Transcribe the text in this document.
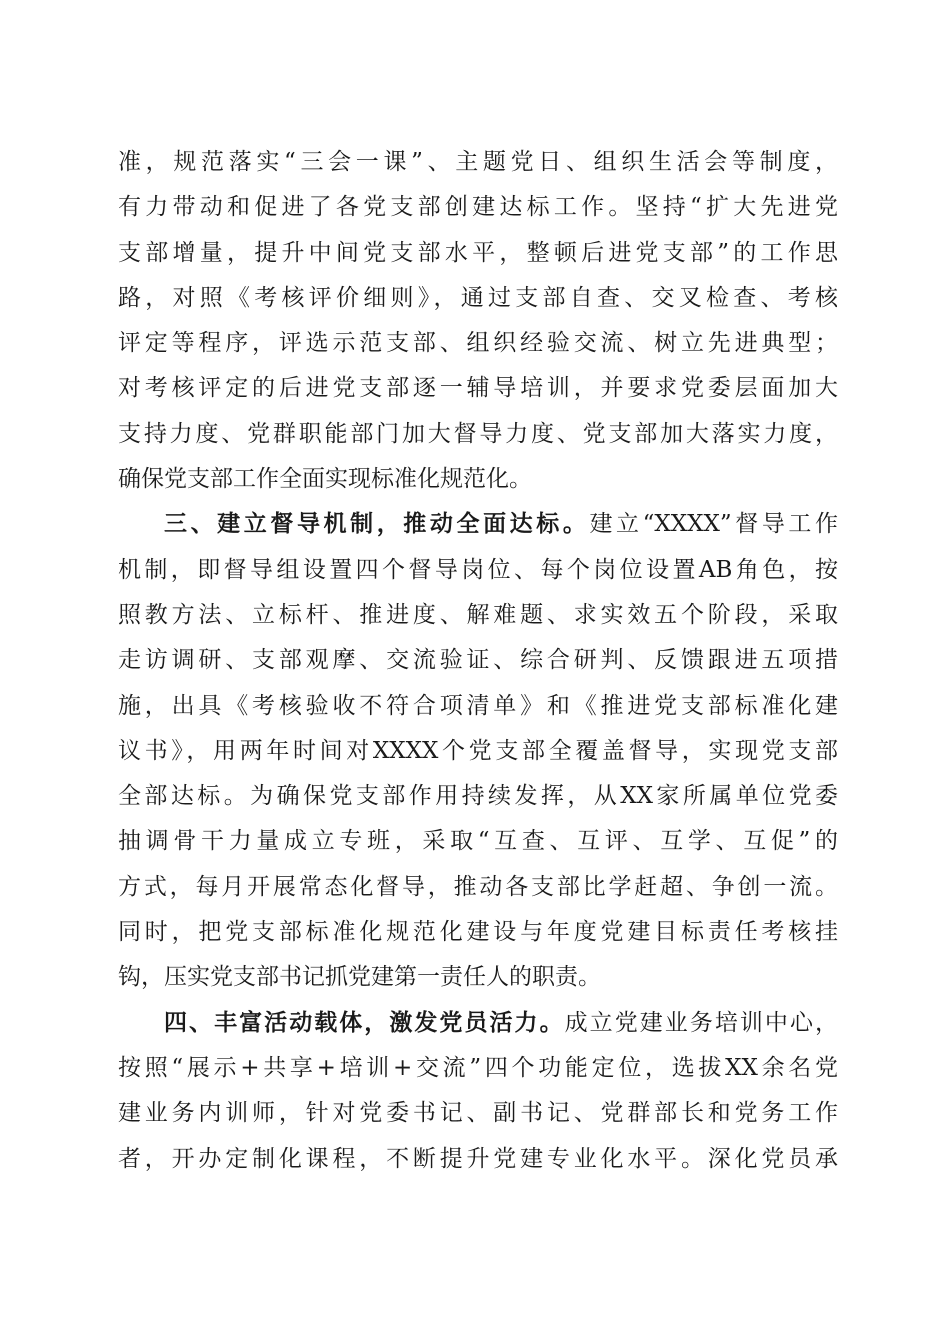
准，规范落实“三会一课”、主题党日、组织生活会等制度，
有力带动和促进了各党支部创建达标工作。坚持“扩大先进党
支部增量，提升中间党支部水平，整顿后进党支部”的工作思
路，对照《考核评价细则》，通过支部自查、交叉检查、考核
评定等程序，评选示范支部、组织经验交流、树立先进典型；
对考核评定的后进党支部逐一辅导培训，并要求党委层面加大
支持力度、党群职能部门加大督导力度、党支部加大落实力度，
确保党支部工作全面实现标准化规范化。
三、建立督导机制，推动全面达标。建立“XXXX”督导工作
机制，即督导组设置四个督导岗位、每个岗位设置AB角色，按
照教方法、立标杆、推进度、解难题、求实效五个阶段，采取
走访调研、支部观摩、交流验证、综合研判、反馈跟进五项措
施，出具《考核验收不符合项清单》和《推进党支部标准化建
议书》，用两年时间对XXXX个党支部全覆盖督导，实现党支部
全部达标。为确保党支部作用持续发挥，从XX家所属单位党委
抽调骨干力量成立专班，采取“互查、互评、互学、互促”的
方式，每月开展常态化督导，推动各支部比学赶超、争创一流。
同时，把党支部标准化规范化建设与年度党建目标责任考核挂
钩，压实党支部书记抓党建第一责任人的职责。
四、丰富活动载体，激发党员活力。成立党建业务培训中心，
按照“展示+共享+培训+交流”四个功能定位，选拔XX余名党
建业务内训师，针对党委书记、副书记、党群部长和党务工作
者，开办定制化课程，不断提升党建专业化水平。深化党员承
